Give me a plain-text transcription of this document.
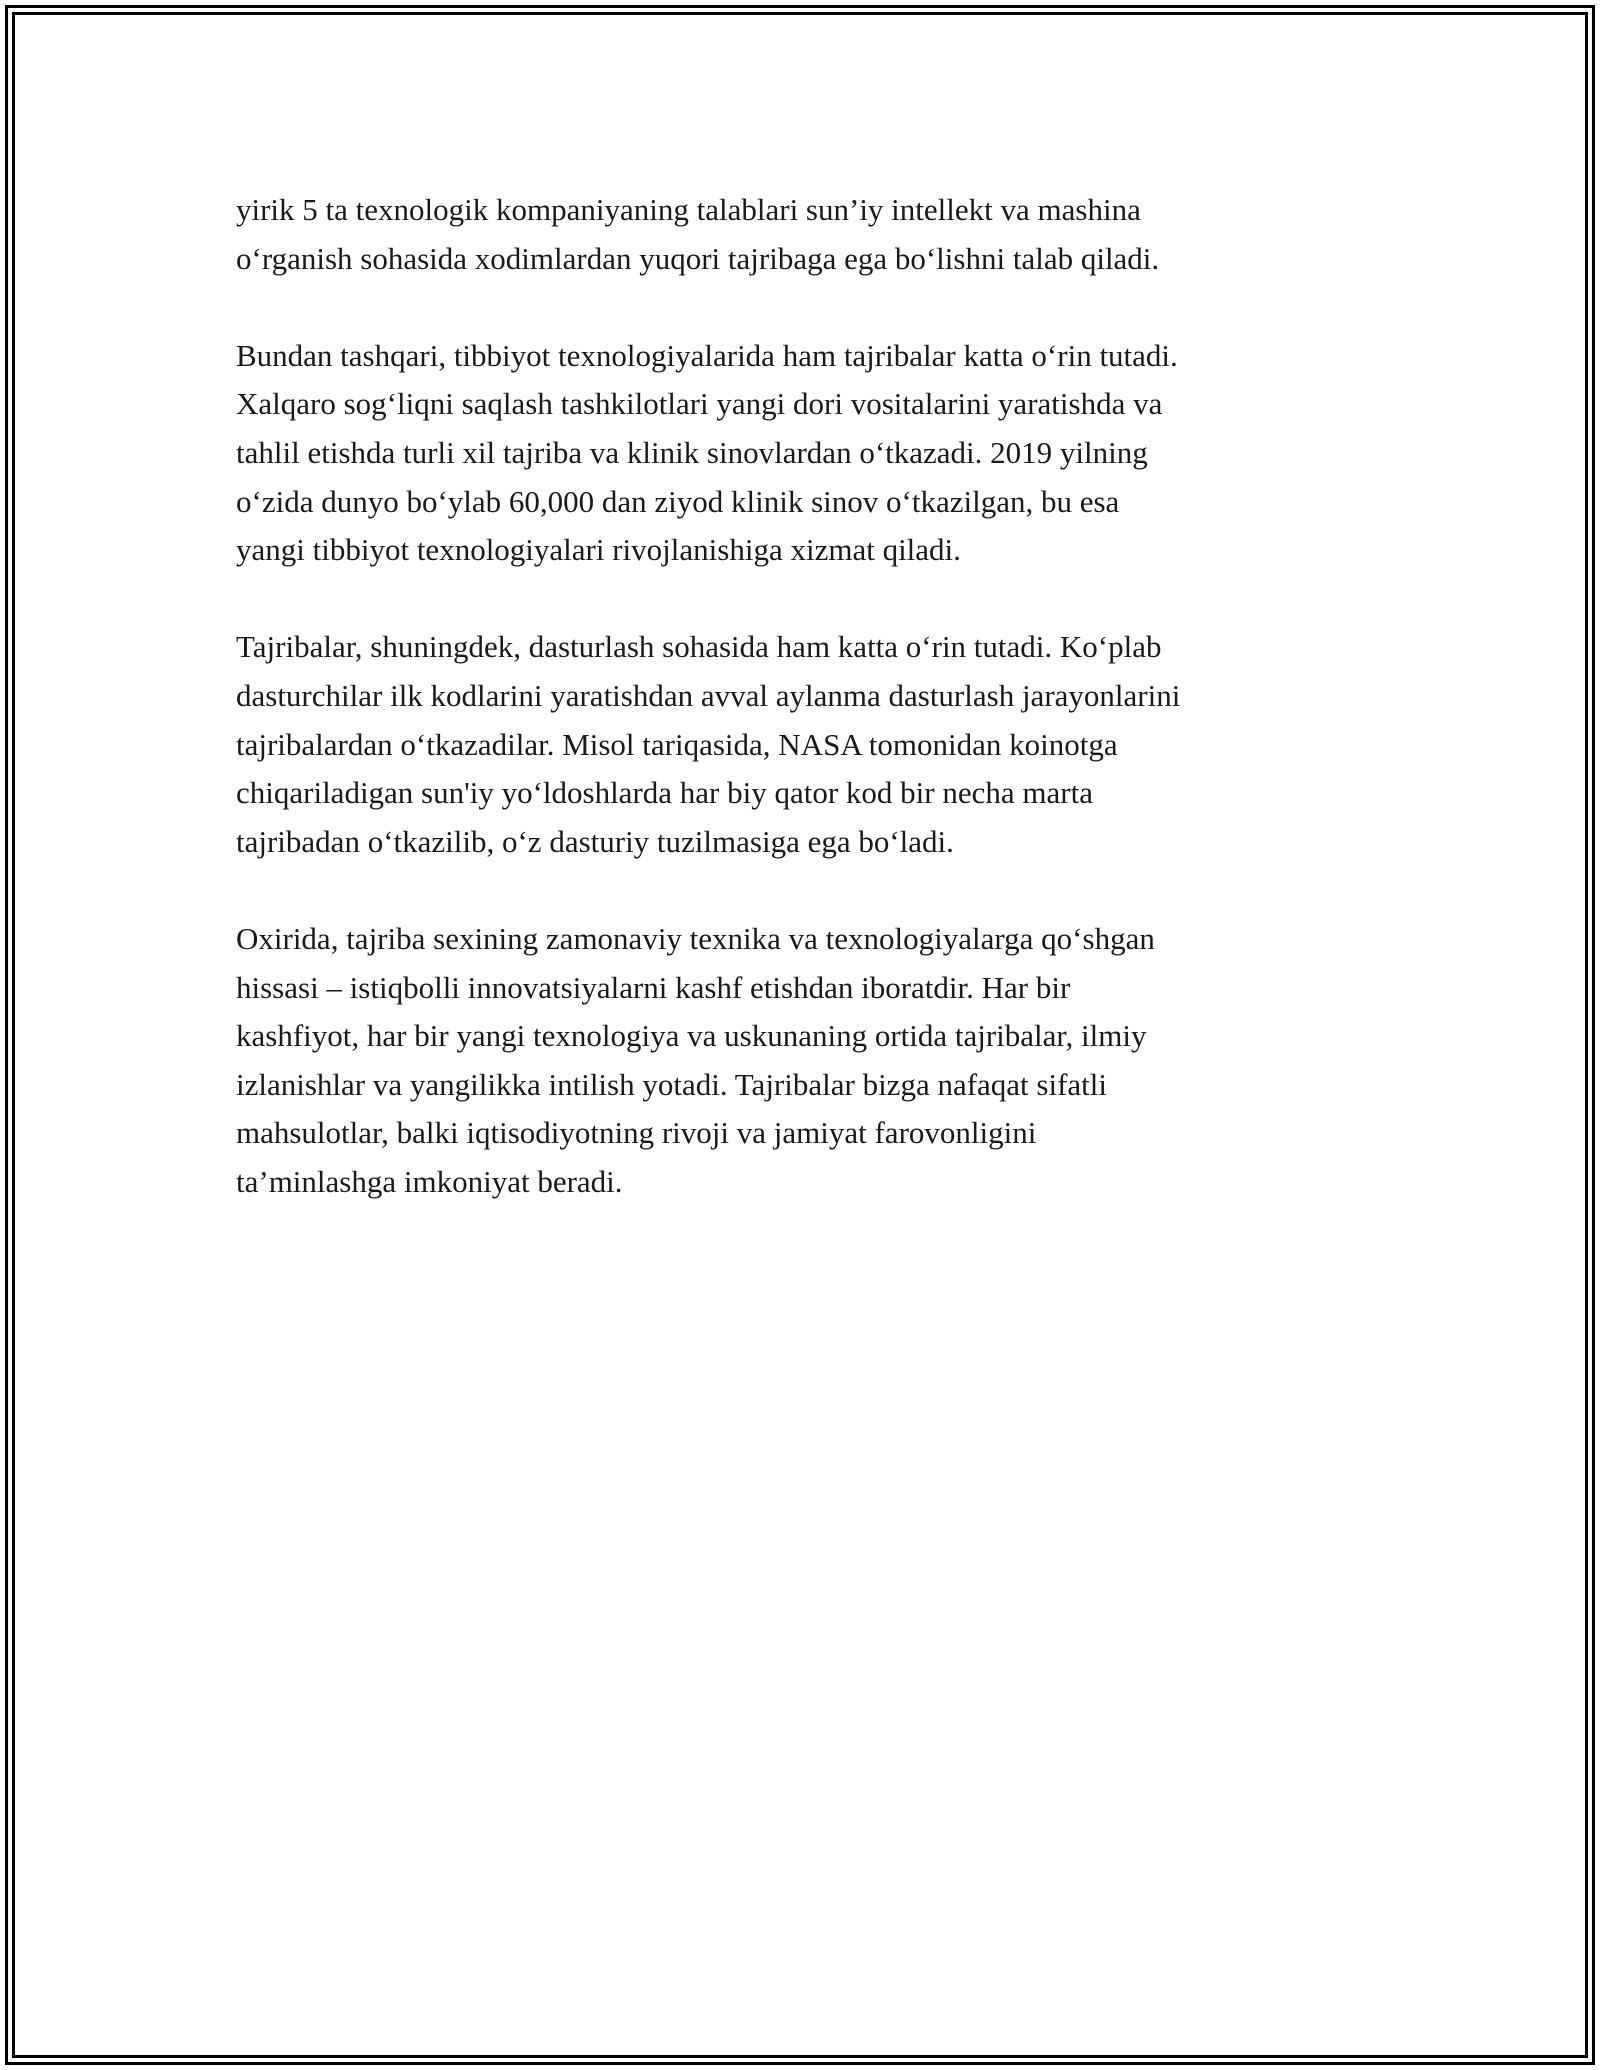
yirik 5 ta texnologik kompaniyaning talablari sun’iy intellekt va mashina
o‘rganish sohasida xodimlardan yuqori tajribaga ega bo‘lishni talab qiladi.

Bundan tashqari, tibbiyot texnologiyalarida ham tajribalar katta o‘rin tutadi.
Xalqaro sog‘liqni saqlash tashkilotlari yangi dori vositalarini yaratishda va
tahlil etishda turli xil tajriba va klinik sinovlardan o‘tkazadi. 2019 yilning
o‘zida dunyo bo‘ylab 60,000 dan ziyod klinik sinov o‘tkazilgan, bu esa
yangi tibbiyot texnologiyalari rivojlanishiga xizmat qiladi.

Tajribalar, shuningdek, dasturlash sohasida ham katta o‘rin tutadi. Ko‘plab
dasturchilar ilk kodlarini yaratishdan avval aylanma dasturlash jarayonlarini
tajribalardan o‘tkazadilar. Misol tariqasida, NASA tomonidan koinotga
chiqariladigan sun'iy yo‘ldoshlarda har biy qator kod bir necha marta
tajribadan o‘tkazilib, o‘z dasturiy tuzilmasiga ega bo‘ladi.

Oxirida, tajriba sexining zamonaviy texnika va texnologiyalarga qo‘shgan
hissasi – istiqbolli innovatsiyalarni kashf etishdan iboratdir. Har bir
kashfiyot, har bir yangi texnologiya va uskunaning ortida tajribalar, ilmiy
izlanishlar va yangilikka intilish yotadi. Tajribalar bizga nafaqat sifatli
mahsulotlar, balki iqtisodiyotning rivoji va jamiyat farovonligini
ta’minlashga imkoniyat beradi.
